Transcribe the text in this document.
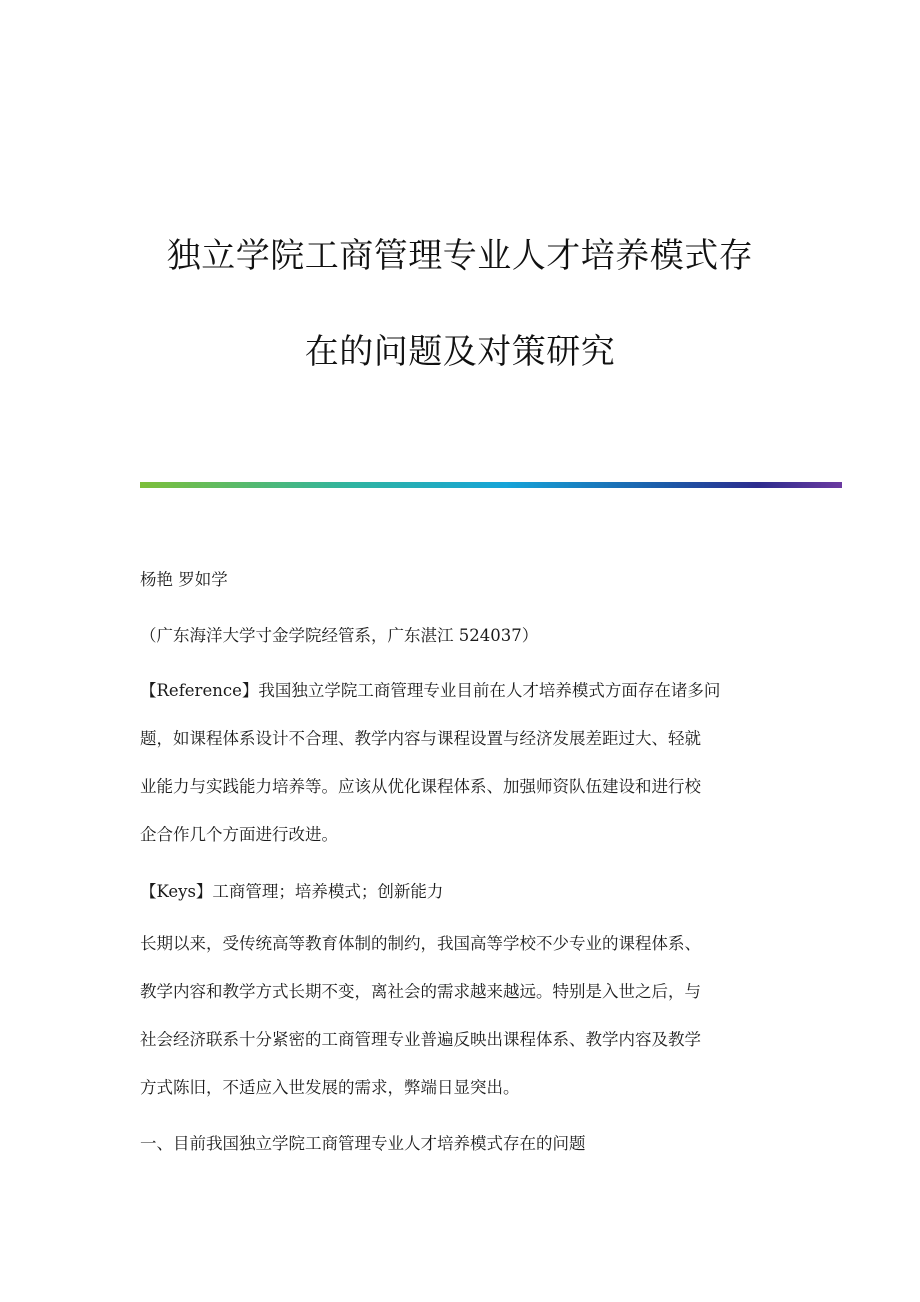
独立学院工商管理专业人才培养模式存
在的问题及对策研究

杨艳 罗如学

（广东海洋大学寸金学院经管系，广东湛江 524037）

【Reference】我国独立学院工商管理专业目前在人才培养模式方面存在诸多问
题，如课程体系设计不合理、教学内容与课程设置与经济发展差距过大、轻就
业能力与实践能力培养等。应该从优化课程体系、加强师资队伍建设和进行校
企合作几个方面进行改进。

【Keys】工商管理；培养模式；创新能力

长期以来，受传统高等教育体制的制约，我国高等学校不少专业的课程体系、
教学内容和教学方式长期不变，离社会的需求越来越远。特别是入世之后，与
社会经济联系十分紧密的工商管理专业普遍反映出课程体系、教学内容及教学
方式陈旧，不适应入世发展的需求，弊端日显突出。

一、目前我国独立学院工商管理专业人才培养模式存在的问题
